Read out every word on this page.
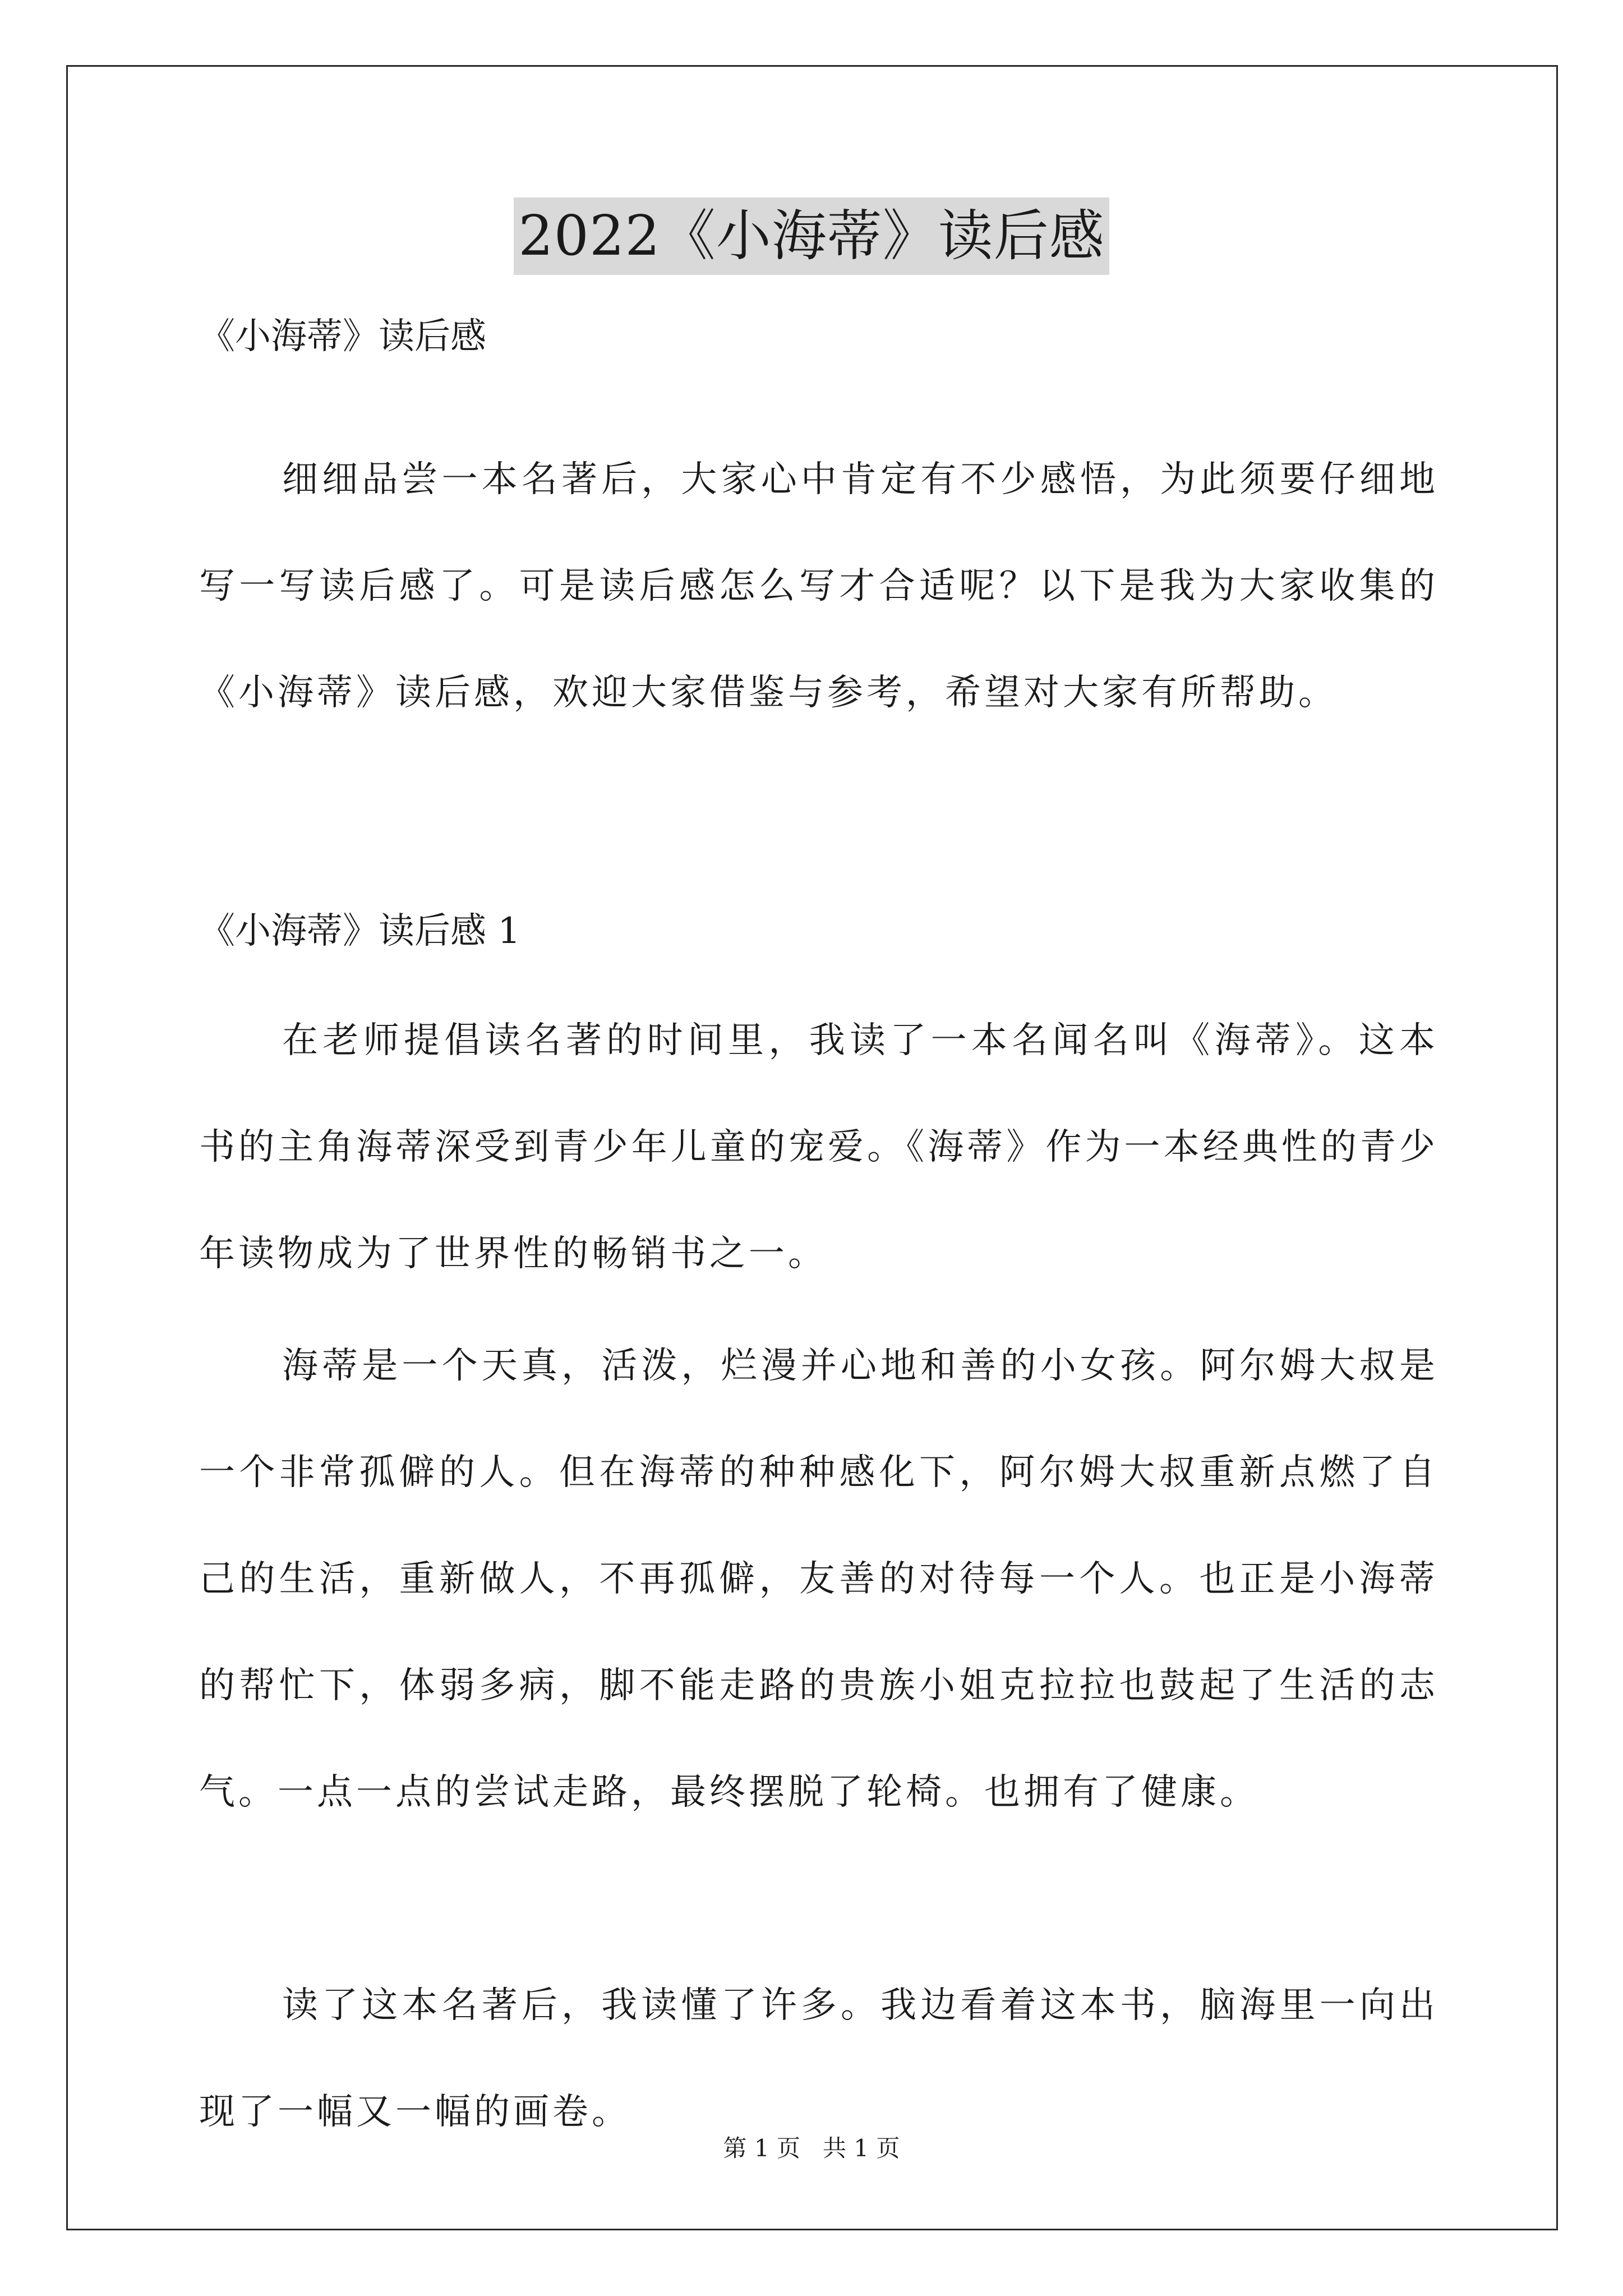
2022《小海蒂》读后感

《小海蒂》读后感

细细品尝一本名著后，大家心中肯定有不少感悟，为此须要仔细地写一写读后感了。可是读后感怎么写才合适呢？以下是我为大家收集的《小海蒂》读后感，欢迎大家借鉴与参考，希望对大家有所帮助。

《小海蒂》读后感 1

在老师提倡读名著的时间里，我读了一本名闻名叫《海蒂》。这本书的主角海蒂深受到青少年儿童的宠爱。《海蒂》作为一本经典性的青少年读物成为了世界性的畅销书之一。

海蒂是一个天真，活泼，烂漫并心地和善的小女孩。阿尔姆大叔是一个非常孤僻的人。但在海蒂的种种感化下，阿尔姆大叔重新点燃了自己的生活，重新做人，不再孤僻，友善的对待每一个人。也正是小海蒂的帮忙下，体弱多病，脚不能走路的贵族小姐克拉拉也鼓起了生活的志气。一点一点的尝试走路，最终摆脱了轮椅。也拥有了健康。

读了这本名著后，我读懂了许多。我边看着这本书，脑海里一向出现了一幅又一幅的画卷。

第 1 页   共 1 页
